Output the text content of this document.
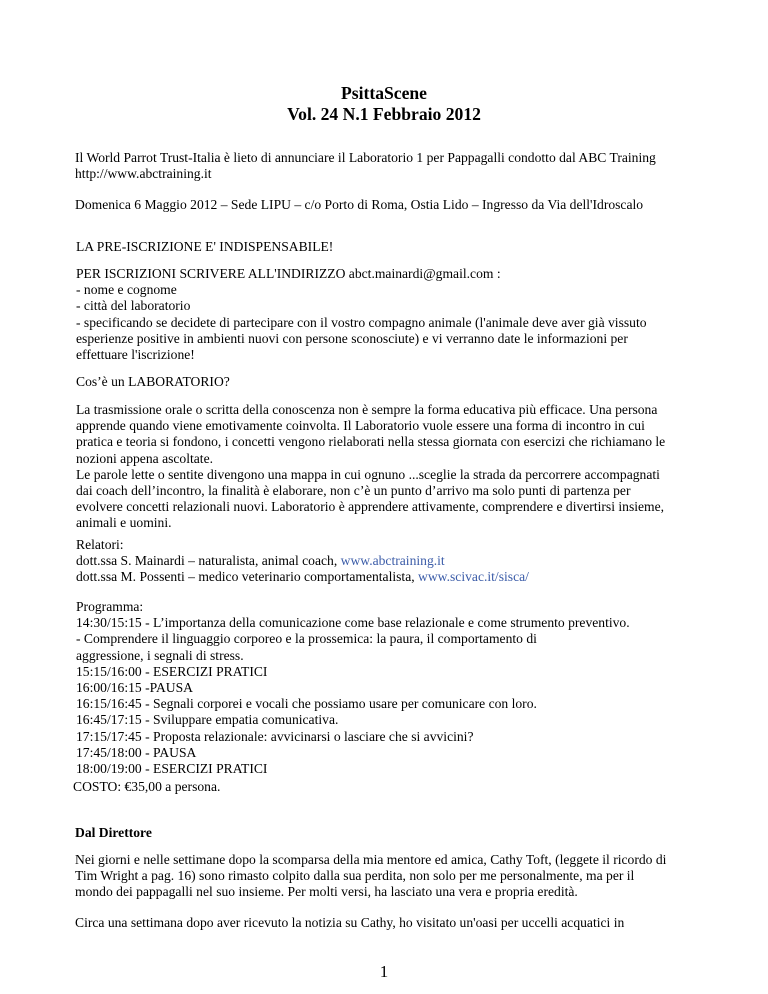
PsittaScene
Vol. 24 N.1 Febbraio 2012
Il World Parrot Trust-Italia è lieto di annunciare il Laboratorio 1 per Pappagalli condotto dal ABC Training
http://www.abctraining.it
Domenica 6 Maggio 2012 – Sede LIPU – c/o Porto di Roma, Ostia Lido – Ingresso da Via dell'Idroscalo
LA PRE-ISCRIZIONE E' INDISPENSABILE!
PER ISCRIZIONI SCRIVERE ALL'INDIRIZZO abct.mainardi@gmail.com :
- nome e cognome
- città del laboratorio
- specificando se decidete di partecipare con il vostro compagno animale (l'animale deve aver già vissuto
esperienze positive in ambienti nuovi con persone sconosciute) e vi verranno date le informazioni per
effettuare l'iscrizione!
Cos’è un LABORATORIO?
La trasmissione orale o scritta della conoscenza non è sempre la forma educativa più efficace. Una persona
apprende quando viene emotivamente coinvolta. Il Laboratorio vuole essere una forma di incontro in cui
pratica e teoria si fondono, i concetti vengono rielaborati nella stessa giornata con esercizi che richiamano le
nozioni appena ascoltate.
Le parole lette o sentite divengono una mappa in cui ognuno ...sceglie la strada da percorrere accompagnati
dai coach dell’incontro, la finalità è elaborare, non c’è un punto d’arrivo ma solo punti di partenza per
evolvere concetti relazionali nuovi. Laboratorio è apprendere attivamente, comprendere e divertirsi insieme,
animali e uomini.
Relatori:
dott.ssa S. Mainardi – naturalista, animal coach, www.abctraining.it
dott.ssa M. Possenti – medico veterinario comportamentalista, www.scivac.it/sisca/
Programma:
14:30/15:15 - L’importanza della comunicazione come base relazionale e come strumento preventivo.
- Comprendere il linguaggio corporeo e la prossemica: la paura, il comportamento di
aggressione, i segnali di stress.
15:15/16:00 - ESERCIZI PRATICI
16:00/16:15 -PAUSA
16:15/16:45 - Segnali corporei e vocali che possiamo usare per comunicare con loro.
16:45/17:15 - Sviluppare empatia comunicativa.
17:15/17:45 - Proposta relazionale: avvicinarsi o lasciare che si avvicini?
17:45/18:00 - PAUSA
18:00/19:00 - ESERCIZI PRATICI
COSTO: €35,00 a persona.
Dal Direttore
Nei giorni e nelle settimane dopo la scomparsa della mia mentore ed amica, Cathy Toft, (leggete il ricordo di
Tim Wright a pag. 16) sono rimasto colpito dalla sua perdita, non solo per me personalmente, ma per il
mondo dei pappagalli nel suo insieme. Per molti versi, ha lasciato una vera e propria eredità.
Circa una settimana dopo aver ricevuto la notizia su Cathy, ho visitato un'oasi per uccelli acquatici in
1
